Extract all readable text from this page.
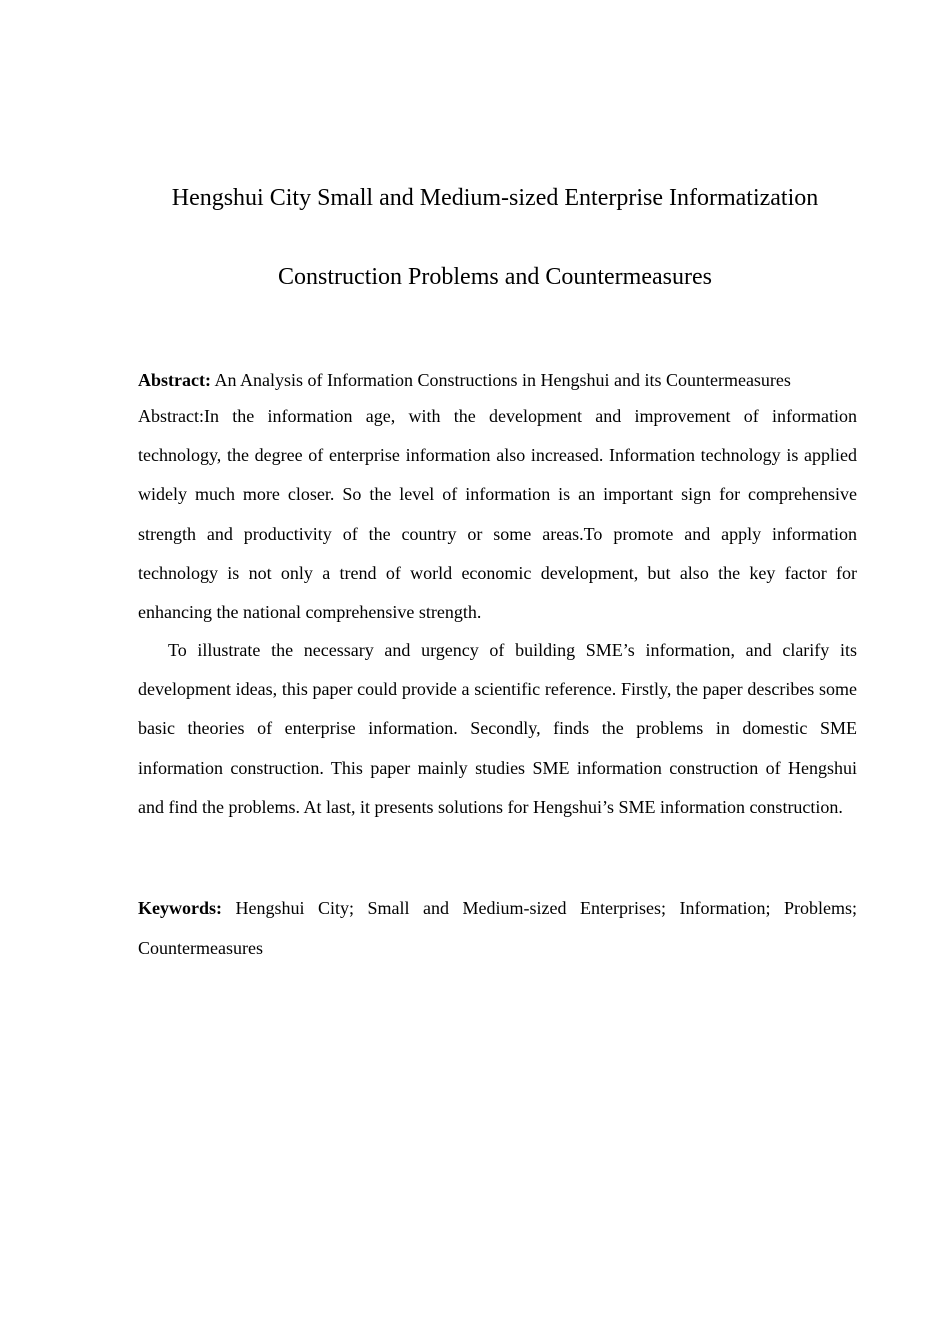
Hengshui City Small and Medium-sized Enterprise Informatization
Construction Problems and Countermeasures
Abstract: An Analysis of Information Constructions in Hengshui and its Countermeasures

Abstract:In the information age, with the development and improvement of information technology, the degree of enterprise information also increased. Information technology is applied widely much more closer. So the level of information is an important sign for comprehensive strength and productivity of the country or some areas.To promote and apply information technology is not only a trend of world economic development, but also the key factor for enhancing the national comprehensive strength.

To illustrate the necessary and urgency of building SME’s information, and clarify its development ideas, this paper could provide a scientific reference. Firstly, the paper describes some basic theories of enterprise information. Secondly, finds the problems in domestic SME information construction. This paper mainly studies SME information construction of Hengshui and find the problems. At last, it presents solutions for Hengshui’s SME information construction.

Keywords: Hengshui City; Small and Medium-sized Enterprises; Information; Problems; Countermeasures
